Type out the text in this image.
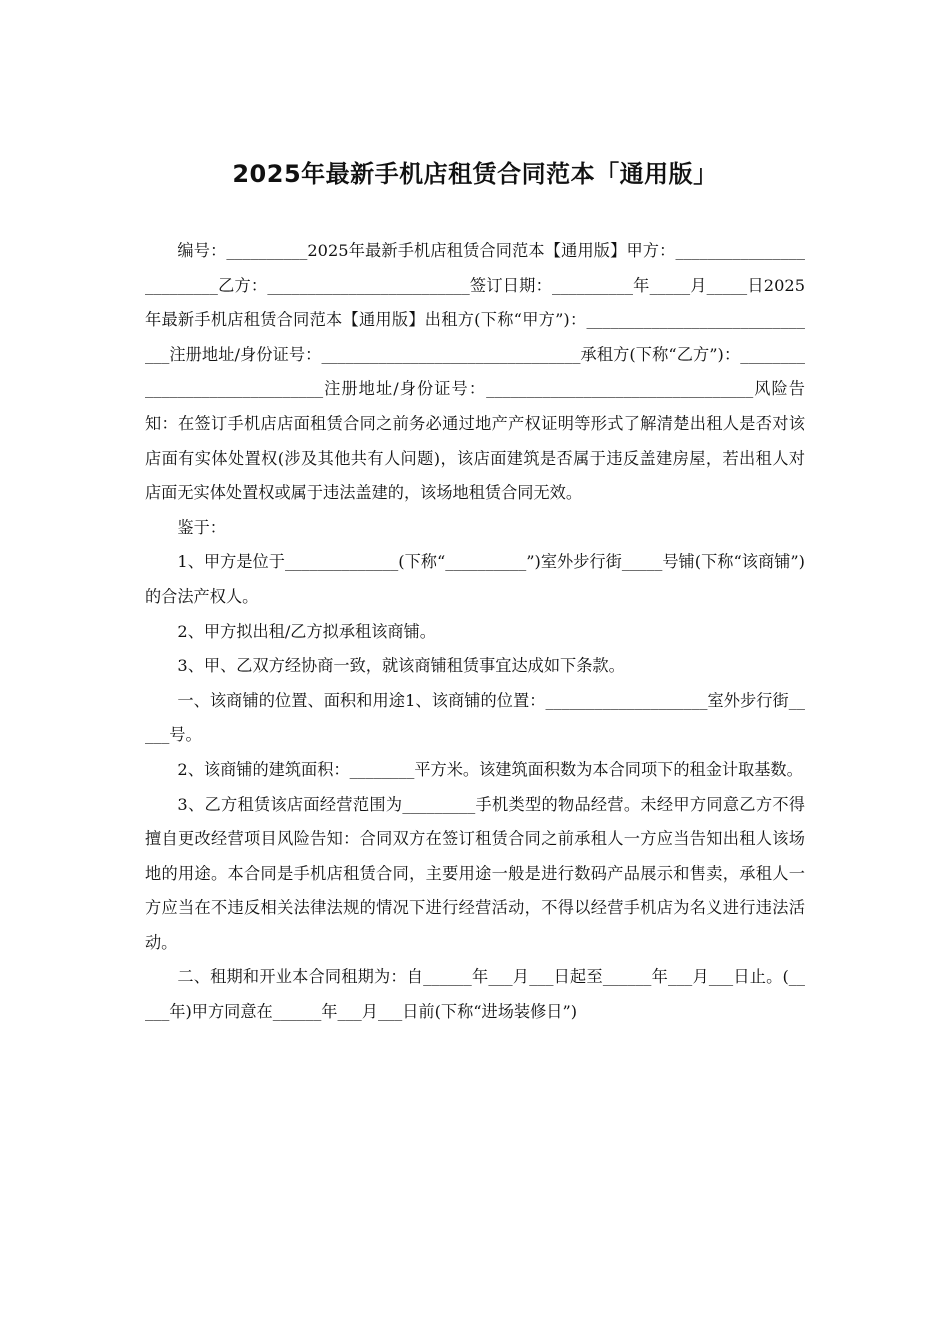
2025年最新手机店租赁合同范本「通用版」

编号：__________2025年最新手机店租赁合同范本【通用版】甲方：_________________________乙方：_________________________签订日期：__________年_____月_____日2025年最新手机店租赁合同范本【通用版】出租方(下称“甲方”)：______________________________注册地址/身份证号：________________________________承租方(下称“乙方”)：______________________________注册地址/身份证号：_________________________________风险告知：在签订手机店店面租赁合同之前务必通过地产产权证明等形式了解清楚出租人是否对该店面有实体处置权(涉及其他共有人问题)，该店面建筑是否属于违反盖建房屋，若出租人对店面无实体处置权或属于违法盖建的，该场地租赁合同无效。

鉴于：

1、甲方是位于______________(下称“__________”)室外步行街_____号铺(下称“该商铺”)的合法产权人。

2、甲方拟出租/乙方拟承租该商铺。

3、甲、乙双方经协商一致，就该商铺租赁事宜达成如下条款。

一、该商铺的位置、面积和用途1、该商铺的位置：____________________室外步行街_____号。

2、该商铺的建筑面积：________平方米。该建筑面积数为本合同项下的租金计取基数。

3、乙方租赁该店面经营范围为_________手机类型的物品经营。未经甲方同意乙方不得擅自更改经营项目风险告知：合同双方在签订租赁合同之前承租人一方应当告知出租人该场地的用途。本合同是手机店租赁合同，主要用途一般是进行数码产品展示和售卖，承租人一方应当在不违反相关法律法规的情况下进行经营活动，不得以经营手机店为名义进行违法活动。

二、租期和开业本合同租期为：自______年___月___日起至______年___月___日止。(_____年)甲方同意在______年___月___日前(下称“进场装修日”)
